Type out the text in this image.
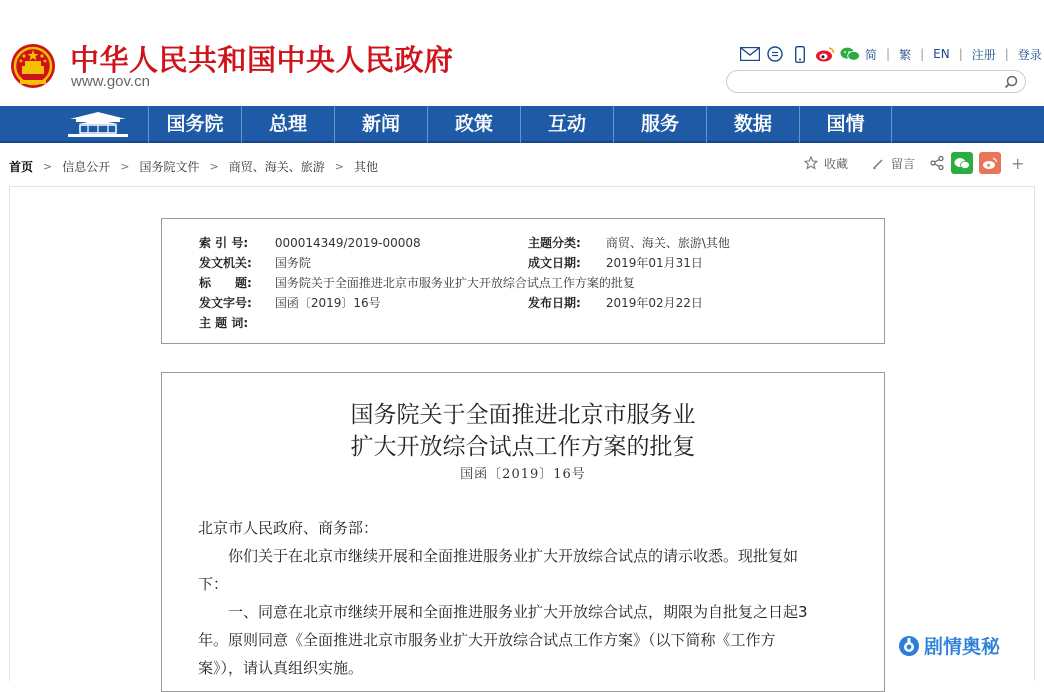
中华人民共和国中央人民政府
www.gov.cn
简 | 繁 | EN | 注册 | 登录
国务院	总理	新闻	政策	互动	服务	数据	国情
首页 > 信息公开 > 国务院文件 > 商贸、海关、旅游 > 其他	收藏	留言	+
索 引 号: 000014349/2019-00008	主题分类: 商贸、海关、旅游\其他
发文机关: 国务院	成文日期: 2019年01月31日
标　　题: 国务院关于全面推进北京市服务业扩大开放综合试点工作方案的批复
发文字号: 国函〔2019〕16号	发布日期: 2019年02月22日
主 题 词:
国务院关于全面推进北京市服务业
扩大开放综合试点工作方案的批复
国函〔2019〕16号
北京市人民政府、商务部：
　　你们关于在北京市继续开展和全面推进服务业扩大开放综合试点的请示收悉。现批复如
下：
　　一、同意在北京市继续开展和全面推进服务业扩大开放综合试点，期限为自批复之日起3
年。原则同意《全面推进北京市服务业扩大开放综合试点工作方案》（以下简称《工作方
案》），请认真组织实施。
剧情奥秘
